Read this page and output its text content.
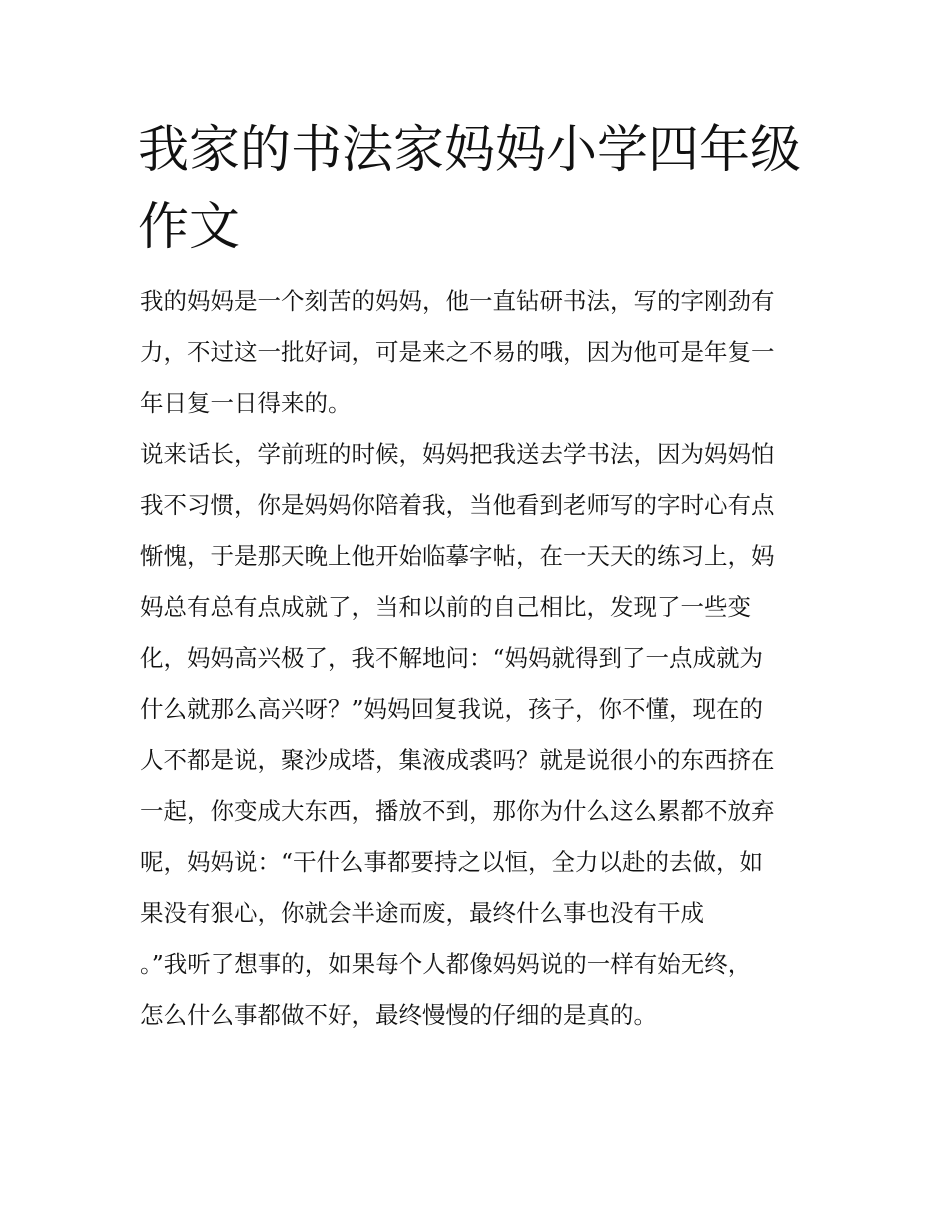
我家的书法家妈妈小学四年级
作文
我的妈妈是一个刻苦的妈妈，他一直钻研书法，写的字刚劲有
力，不过这一批好词，可是来之不易的哦，因为他可是年复一
年日复一日得来的。
说来话长，学前班的时候，妈妈把我送去学书法，因为妈妈怕
我不习惯，你是妈妈你陪着我，当他看到老师写的字时心有点
惭愧，于是那天晚上他开始临摹字帖，在一天天的练习上，妈
妈总有总有点成就了，当和以前的自己相比，发现了一些变
化，妈妈高兴极了，我不解地问：“妈妈就得到了一点成就为
什么就那么高兴呀？”妈妈回复我说，孩子，你不懂，现在的
人不都是说，聚沙成塔，集液成裘吗？就是说很小的东西挤在
一起，你变成大东西，播放不到，那你为什么这么累都不放弃
呢，妈妈说：“干什么事都要持之以恒，全力以赴的去做，如
果没有狠心，你就会半途而废，最终什么事也没有干成
。”我听了想事的，如果每个人都像妈妈说的一样有始无终，
怎么什么事都做不好，最终慢慢的仔细的是真的。
